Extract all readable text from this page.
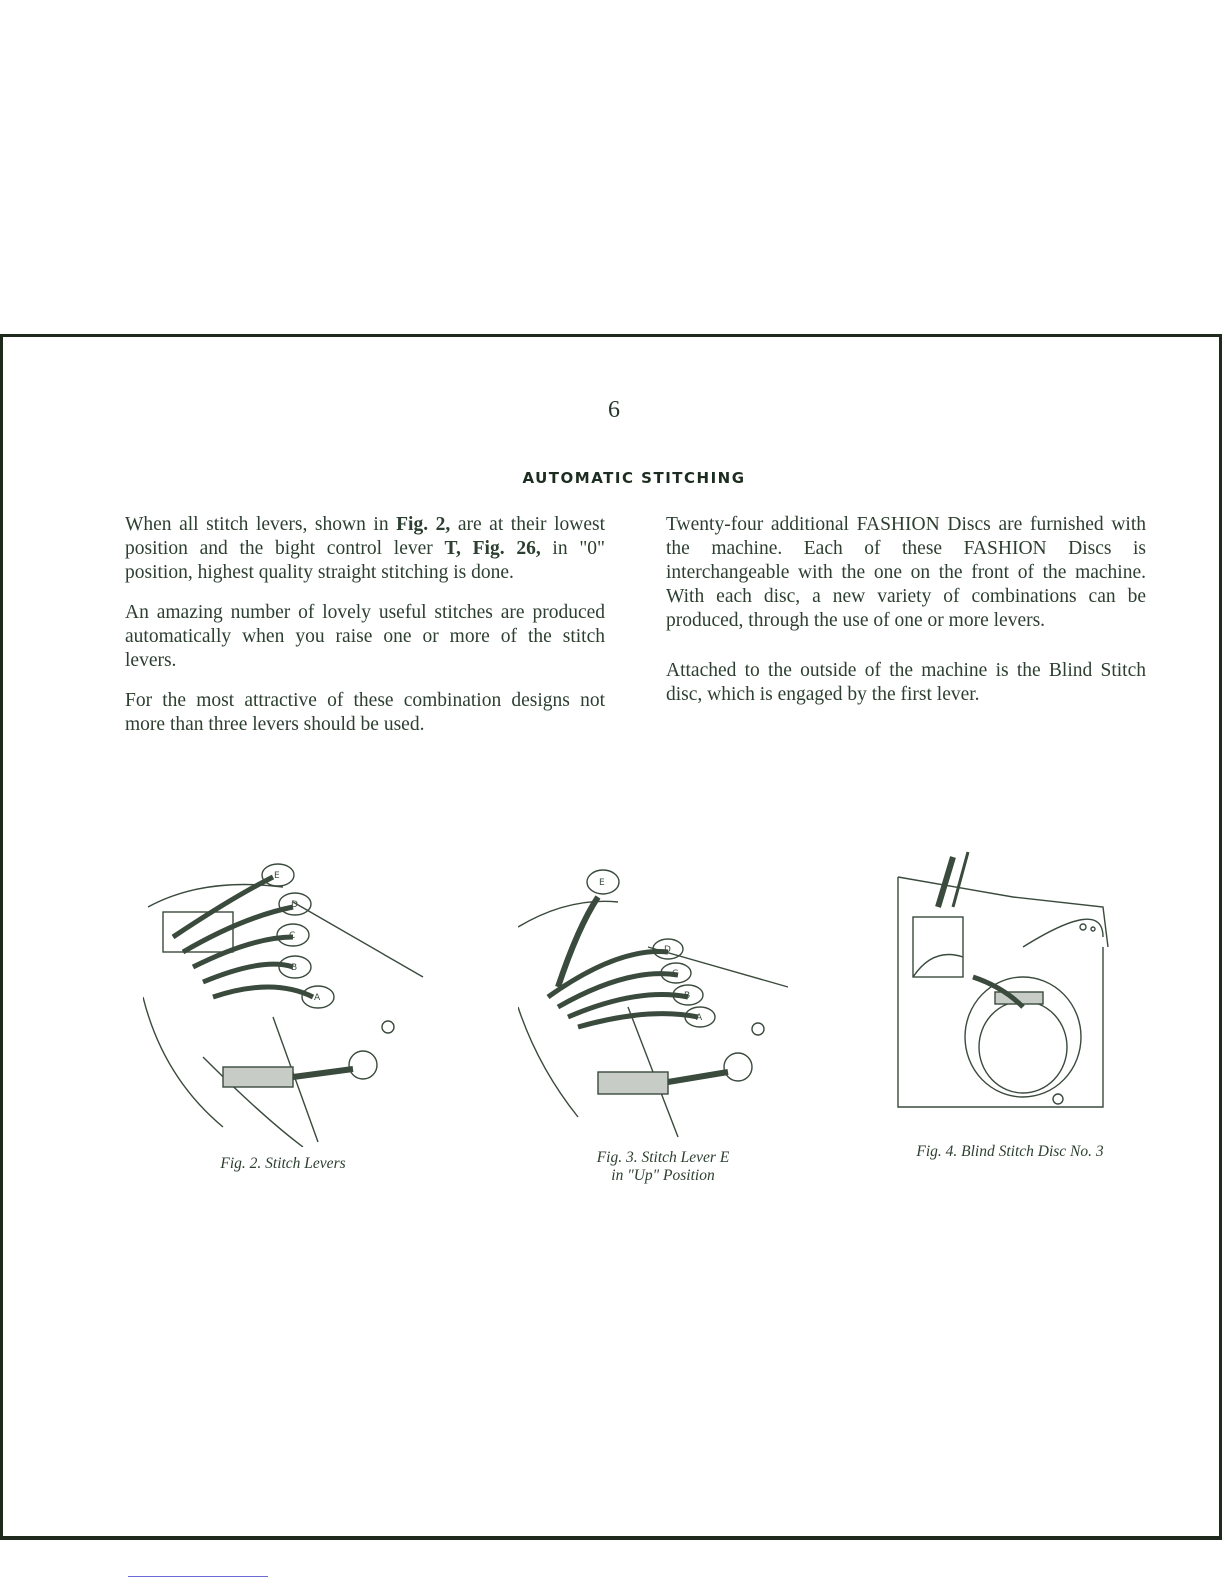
6
AUTOMATIC STITCHING

When all stitch levers, shown in Fig. 2, are at their lowest position and the bight control lever T, Fig. 26, in "0" position, highest quality straight stitching is done.

An amazing number of lovely useful stitches are produced automatically when you raise one or more of the stitch levers.

For the most attractive of these combination designs not more than three levers should be used.

Twenty-four additional FASHION Discs are furnished with the machine. Each of these FASHION Discs is interchangeable with the one on the front of the machine. With each disc, a new variety of combinations can be produced, through the use of one or more levers.

Attached to the outside of the machine is the Blind Stitch disc, which is engaged by the first lever.

E
D
C
B
A
Fig. 2. Stitch Levers
E
D
C
B
A
Fig. 3. Stitch Lever E
in "Up" Position
Fig. 4. Blind Stitch Disc No. 3
